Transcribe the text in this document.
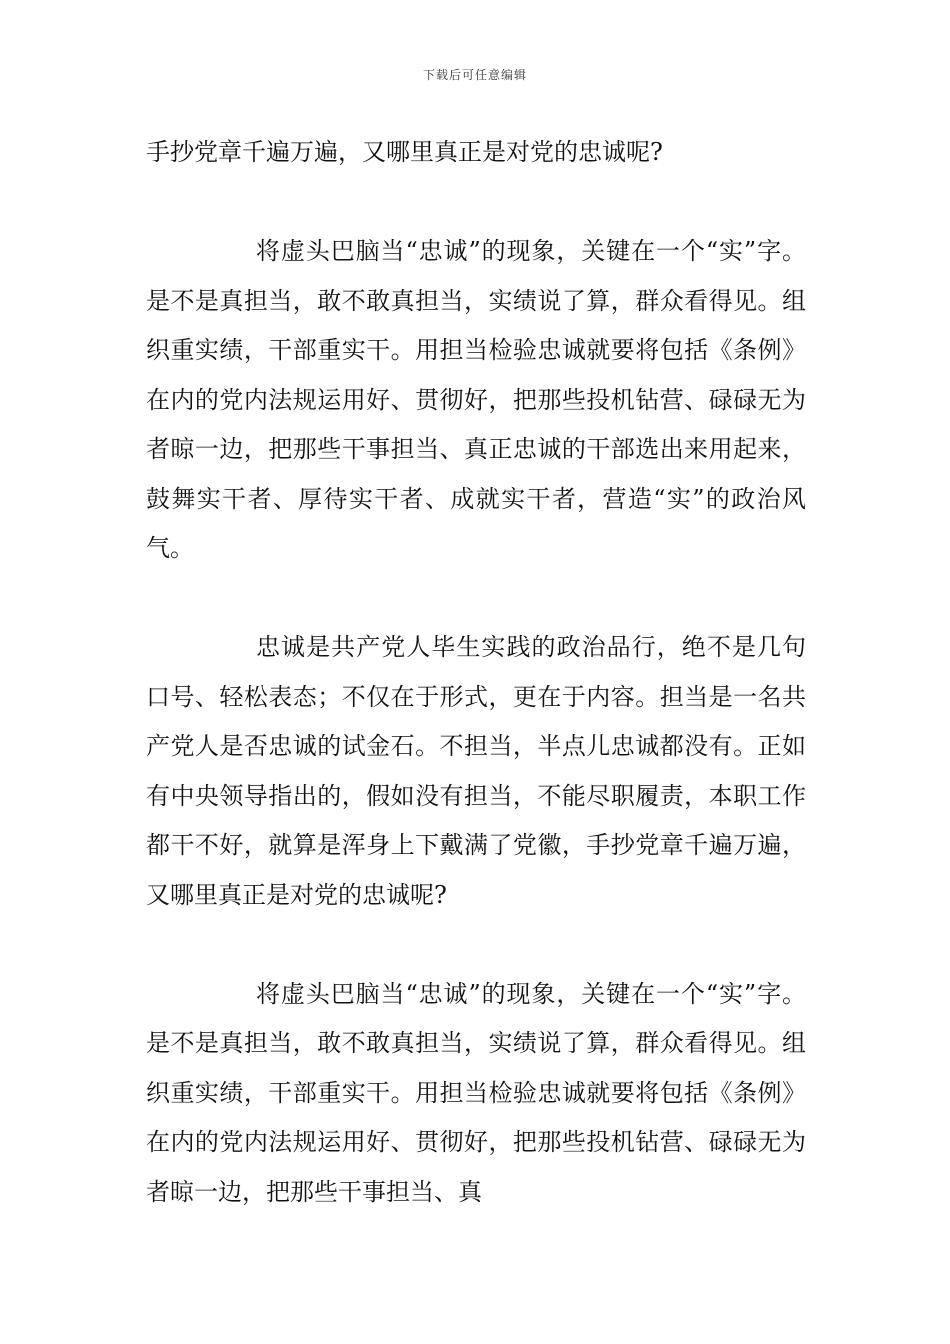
下载后可任意编辑

手抄党章千遍万遍，又哪里真正是对党的忠诚呢?

将虚头巴脑当“忠诚”的现象，关键在一个“实”字。是不是真担当，敢不敢真担当，实绩说了算，群众看得见。组织重实绩，干部重实干。用担当检验忠诚就要将包括《条例》在内的党内法规运用好、贯彻好，把那些投机钻营、碌碌无为者晾一边，把那些干事担当、真正忠诚的干部选出来用起来，鼓舞实干者、厚待实干者、成就实干者，营造“实”的政治风气。

忠诚是共产党人毕生实践的政治品行，绝不是几句口号、轻松表态；不仅在于形式，更在于内容。担当是一名共产党人是否忠诚的试金石。不担当，半点儿忠诚都没有。正如有中央领导指出的，假如没有担当，不能尽职履责，本职工作都干不好，就算是浑身上下戴满了党徽，手抄党章千遍万遍，又哪里真正是对党的忠诚呢?

将虚头巴脑当“忠诚”的现象，关键在一个“实”字。是不是真担当，敢不敢真担当，实绩说了算，群众看得见。组织重实绩，干部重实干。用担当检验忠诚就要将包括《条例》在内的党内法规运用好、贯彻好，把那些投机钻营、碌碌无为者晾一边，把那些干事担当、真
